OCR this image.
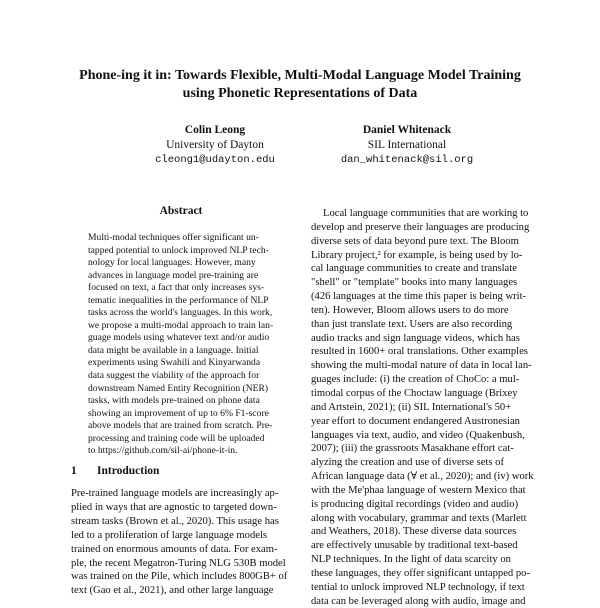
Phone-ing it in: Towards Flexible, Multi-Modal Language Model Training
using Phonetic Representations of Data
Colin Leong
University of Dayton
cleong1@udayton.edu
Daniel Whitenack
SIL International
dan_whitenack@sil.org
Abstract
Multi-modal techniques offer significant un-
tapped potential to unlock improved NLP tech-
nology for local languages. However, many
advances in language model pre-training are
focused on text, a fact that only increases sys-
tematic inequalities in the performance of NLP
tasks across the world's languages. In this work,
we propose a multi-modal approach to train lan-
guage models using whatever text and/or audio
data might be available in a language. Initial
experiments using Swahili and Kinyarwanda
data suggest the viability of the approach for
downstream Named Entity Recognition (NER)
tasks, with models pre-trained on phone data
showing an improvement of up to 6% F1-score
above models that are trained from scratch. Pre-
processing and training code will be uploaded
to https://github.com/sil-ai/phone-it-in.
1 Introduction
Pre-trained language models are increasingly ap-
plied in ways that are agnostic to targeted down-
stream tasks (Brown et al., 2020). This usage has
led to a proliferation of large language models
trained on enormous amounts of data. For exam-
ple, the recent Megatron-Turing NLG 530B model
was trained on the Pile, which includes 800GB+ of
text (Gao et al., 2021), and other large language
Local language communities that are working to
develop and preserve their languages are producing
diverse sets of data beyond pure text. The Bloom
Library project,² for example, is being used by lo-
cal language communities to create and translate
"shell" or "template" books into many languages
(426 languages at the time this paper is being writ-
ten). However, Bloom allows users to do more
than just translate text. Users are also recording
audio tracks and sign language videos, which has
resulted in 1600+ oral translations. Other examples
showing the multi-modal nature of data in local lan-
guages include: (i) the creation of ChoCo: a mul-
timodal corpus of the Choctaw language (Brixey
and Artstein, 2021); (ii) SIL International's 50+
year effort to document endangered Austronesian
languages via text, audio, and video (Quakenbush,
2007); (iii) the grassroots Masakhane effort cat-
alyzing the creation and use of diverse sets of
African language data (∀ et al., 2020); and (iv) work
with the Me'phaa language of western Mexico that
is producing digital recordings (video and audio)
along with vocabulary, grammar and texts (Marlett
and Weathers, 2018). These diverse data sources
are effectively unusable by traditional text-based
NLP techniques. In the light of data scarcity on
these languages, they offer significant untapped po-
tential to unlock improved NLP technology, if text
data can be leveraged along with audio, image and
